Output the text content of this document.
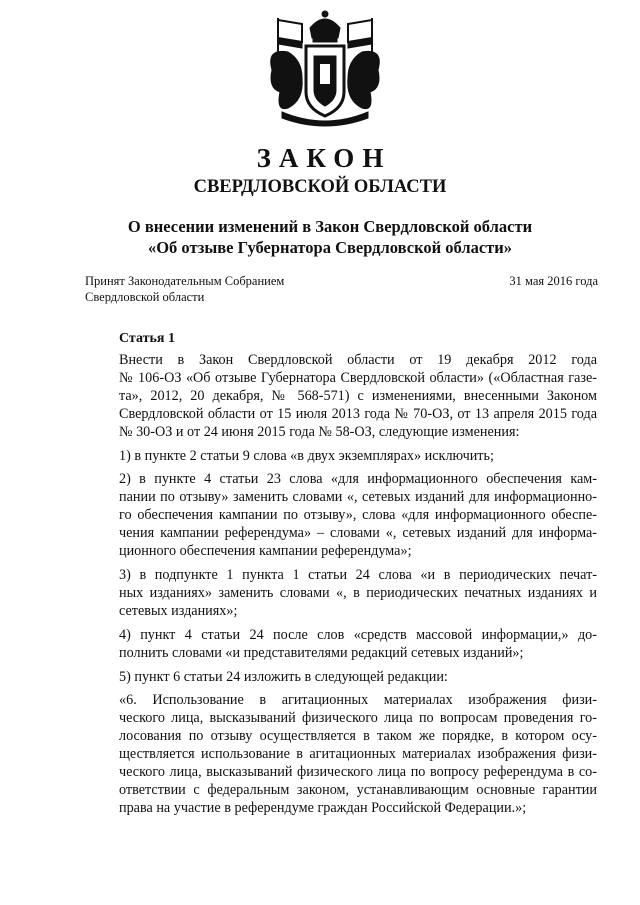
ЗАКОН
СВЕРДЛОВСКОЙ ОБЛАСТИ
О внесении изменений в Закон Свердловской области
«Об отзыве Губернатора Свердловской области»
Принят Законодательным Собранием
Свердловской области
31 мая 2016 года
Статья 1

Внести в Закон Свердловской области от 19 декабря 2012 года
№ 106-ОЗ «Об отзыве Губернатора Свердловской области» («Областная газе-
та», 2012, 20 декабря, № 568-571) с изменениями, внесенными Законом
Свердловской области от 15 июля 2013 года № 70-ОЗ, от 13 апреля 2015 года
№ 30-ОЗ и от 24 июня 2015 года № 58-ОЗ, следующие изменения:

1) в пункте 2 статьи 9 слова «в двух экземплярах» исключить;

2) в пункте 4 статьи 23 слова «для информационного обеспечения кам-
пании по отзыву» заменить словами «, сетевых изданий для информационно-
го обеспечения кампании по отзыву», слова «для информационного обеспе-
чения кампании референдума» – словами «, сетевых изданий для информа-
ционного обеспечения кампании референдума»;

3) в подпункте 1 пункта 1 статьи 24 слова «и в периодических печат-
ных изданиях» заменить словами «, в периодических печатных изданиях и
сетевых изданиях»;

4) пункт 4 статьи 24 после слов «средств массовой информации,» до-
полнить словами «и представителями редакций сетевых изданий»;

5) пункт 6 статьи 24 изложить в следующей редакции:

«6. Использование в агитационных материалах изображения физи-
ческого лица, высказываний физического лица по вопросам проведения го-
лосования по отзыву осуществляется в таком же порядке, в котором осу-
ществляется использование в агитационных материалах изображения физи-
ческого лица, высказываний физического лица по вопросу референдума в со-
ответствии с федеральным законом, устанавливающим основные гарантии
права на участие в референдуме граждан Российской Федерации.»;
